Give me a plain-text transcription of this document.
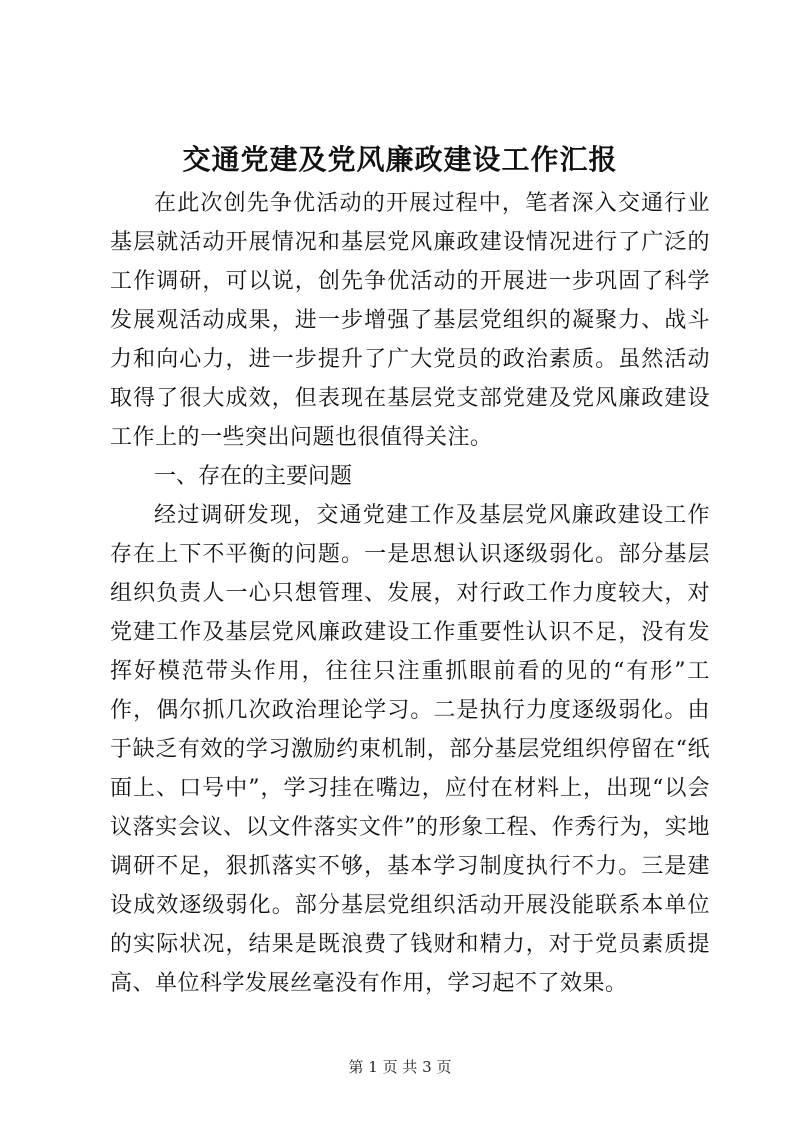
交通党建及党风廉政建设工作汇报

在此次创先争优活动的开展过程中，笔者深入交通行业基层就活动开展情况和基层党风廉政建设情况进行了广泛的工作调研，可以说，创先争优活动的开展进一步巩固了科学发展观活动成果，进一步增强了基层党组织的凝聚力、战斗力和向心力，进一步提升了广大党员的政治素质。虽然活动取得了很大成效，但表现在基层党支部党建及党风廉政建设工作上的一些突出问题也很值得关注。

一、存在的主要问题

经过调研发现，交通党建工作及基层党风廉政建设工作存在上下不平衡的问题。一是思想认识逐级弱化。部分基层组织负责人一心只想管理、发展，对行政工作力度较大，对党建工作及基层党风廉政建设工作重要性认识不足，没有发挥好模范带头作用，往往只注重抓眼前看的见的“有形”工作，偶尔抓几次政治理论学习。二是执行力度逐级弱化。由于缺乏有效的学习激励约束机制，部分基层党组织停留在“纸面上、口号中”，学习挂在嘴边，应付在材料上，出现“以会议落实会议、以文件落实文件”的形象工程、作秀行为，实地调研不足，狠抓落实不够，基本学习制度执行不力。三是建设成效逐级弱化。部分基层党组织活动开展没能联系本单位的实际状况，结果是既浪费了钱财和精力，对于党员素质提高、单位科学发展丝毫没有作用，学习起不了效果。

第 1 页 共 3 页
